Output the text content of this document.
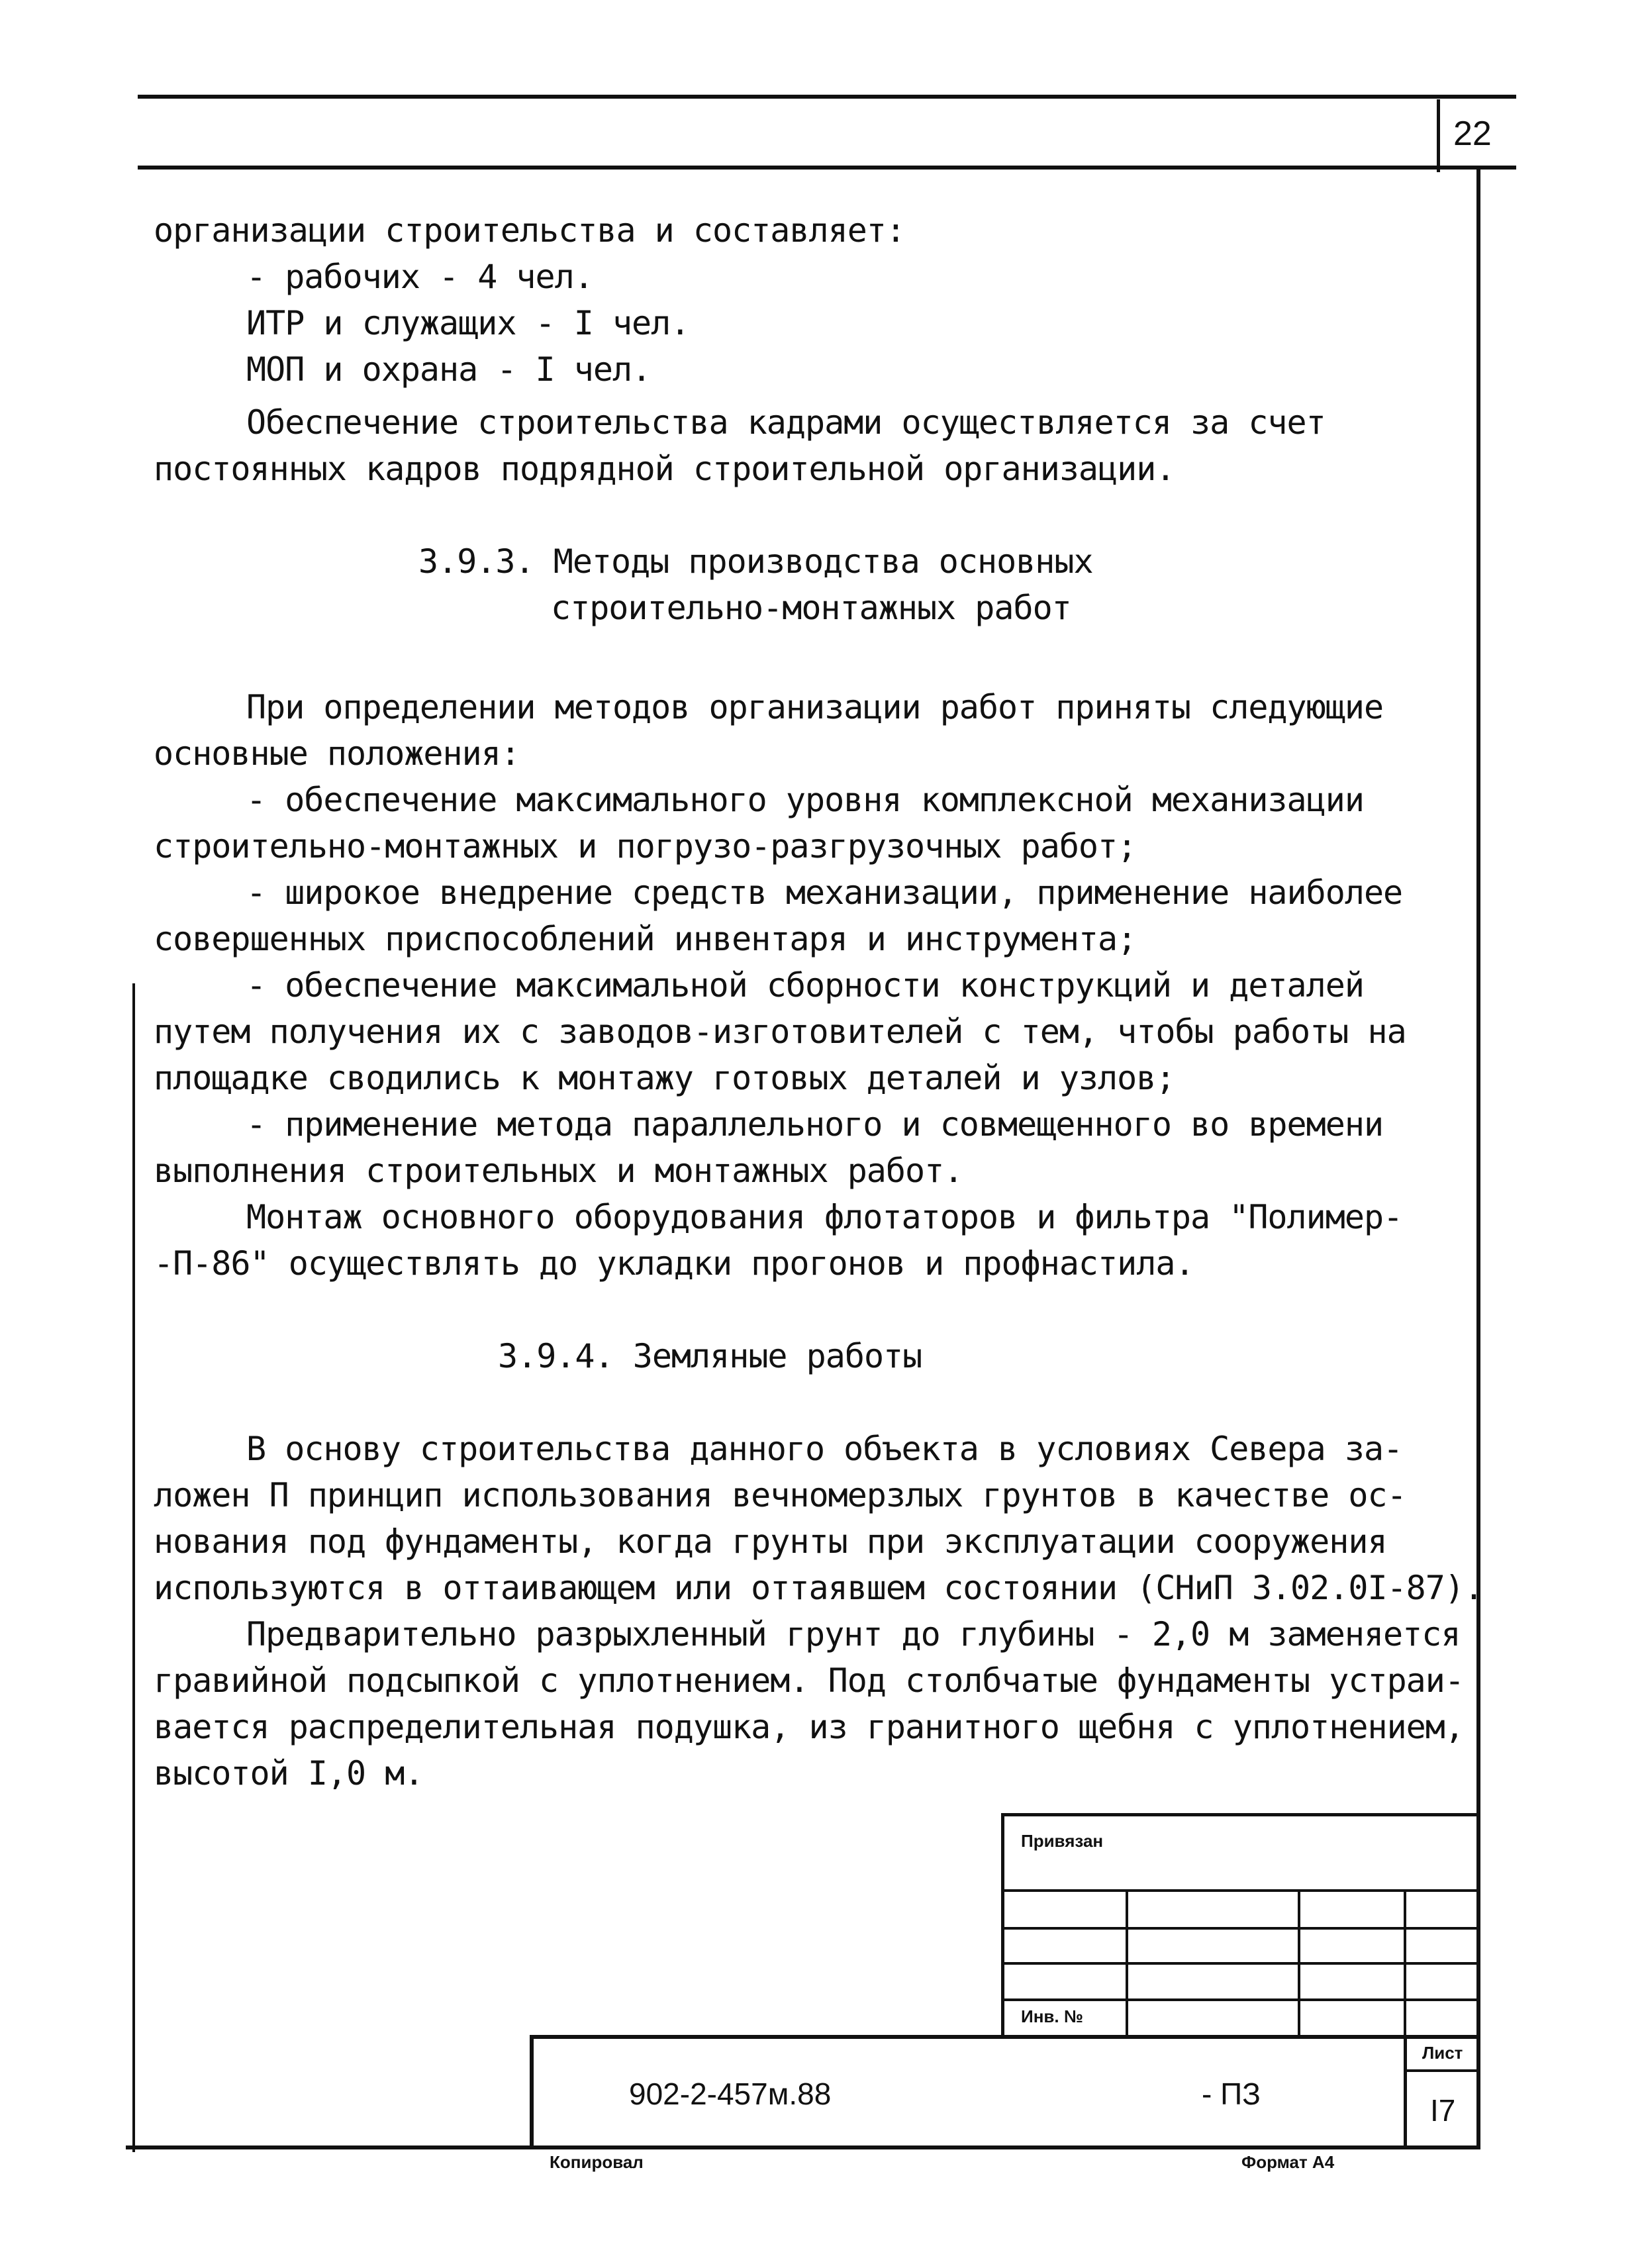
22
организации строительства и составляет:
- рабочих - 4 чел.
ИТР и служащих - I чел.
МОП и охрана - I чел.
Обеспечение строительства кадрами осуществляется за счет
постоянных кадров подрядной строительной организации.
3.9.3. Методы производства основных
строительно-монтажных работ
При определении методов организации работ приняты следующие
основные положения:
- обеспечение максимального уровня комплексной механизации
строительно-монтажных и погрузо-разгрузочных работ;
- широкое внедрение средств механизации, применение наиболее
совершенных приспособлений инвентаря и инструмента;
- обеспечение максимальной сборности конструкций и деталей
путем получения их с заводов-изготовителей с тем, чтобы работы на
площадке сводились к монтажу готовых деталей и узлов;
- применение метода параллельного и совмещенного во времени
выполнения строительных и монтажных работ.
Монтаж основного оборудования флотаторов и фильтра "Полимер-
-П-86" осуществлять до укладки прогонов и профнастила.
3.9.4. Земляные работы
В основу строительства данного объекта в условиях Севера за-
ложен П принцип использования вечномерзлых грунтов в качестве ос-
нования под фундаменты, когда грунты при эксплуатации сооружения
используются в оттаивающем или оттаявшем состоянии (СНиП 3.02.0I-87).
Предварительно разрыхленный грунт до глубины - 2,0 м заменяется
гравийной подсыпкой с уплотнением. Под столбчатые фундаменты устраи-
вается распределительная подушка, из гранитного щебня с уплотнением,
высотой I,0 м.
Привязан
Инв. №
Лист
I7
902-2-457м.88	- ПЗ
Копировал	Формат А4
